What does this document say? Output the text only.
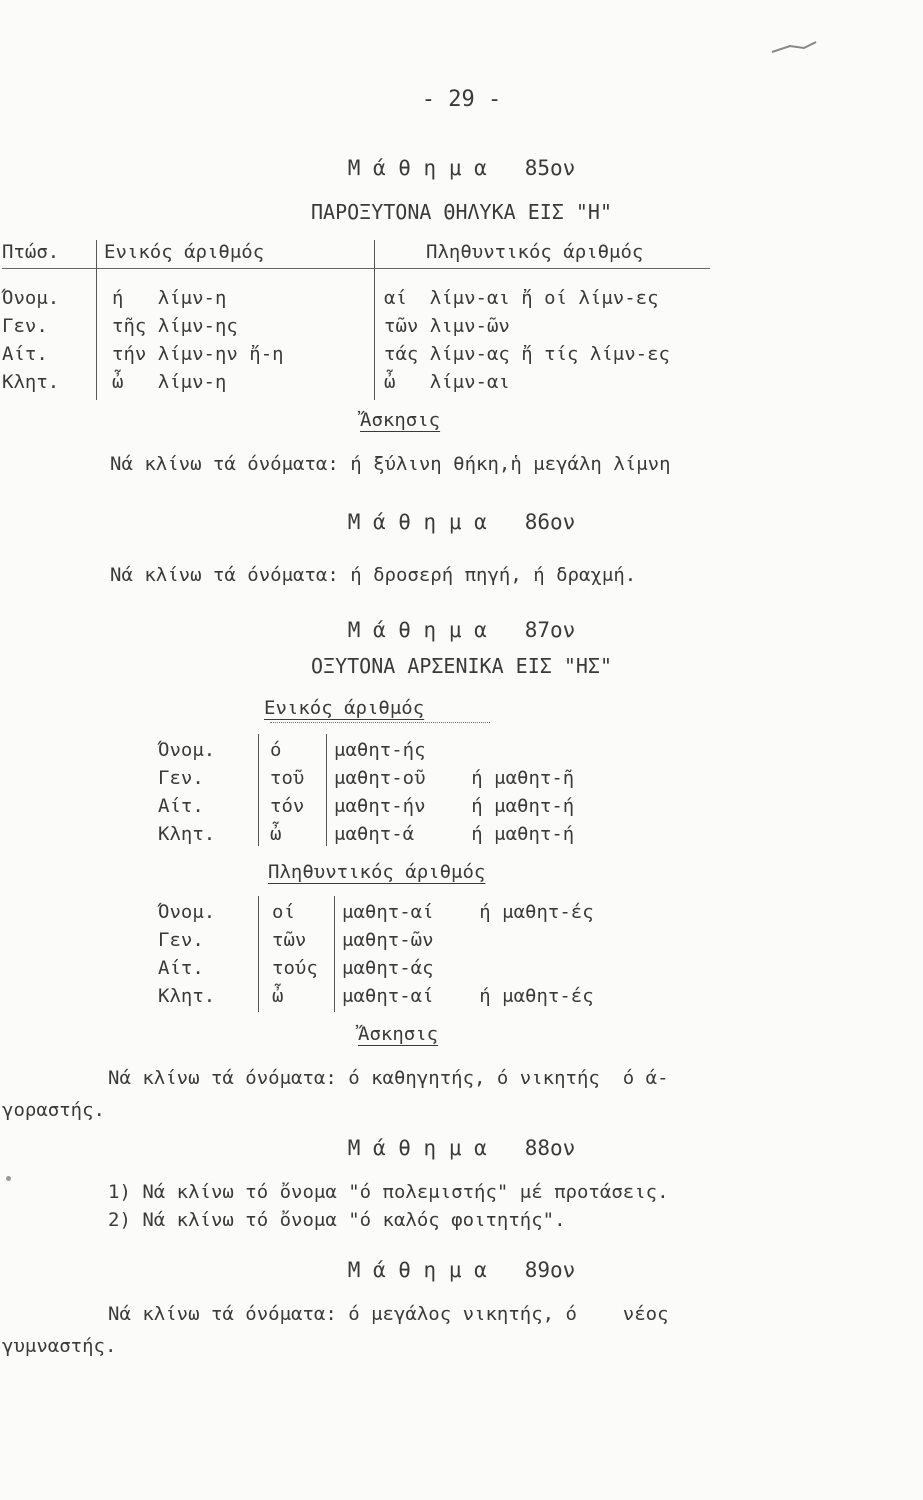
- 29 -
Μ ά θ η μ α   85ον
ΠΑΡΟΞΥΤΟΝΑ ΘΗΛΥΚΑ ΕΙΣ "Η"
Πτώσ. Ενικός άριθμός	Πληθυντικός άριθμός
Όνομ.
Γεν.
Αίτ.
Κλητ.
ή   λίμν-η
τῆς λίμν-ης
τήν λίμν-ην ἤ-η
ὦ   λίμν-η
αί  λίμν-αι ἤ οί λίμν-ες
τῶν λιμν-ῶν
τάς λίμν-ας ἤ τίς λίμν-ες
ὦ   λίμν-αι
Ἄσκησις
Νά κλίνω τά όνόματα: ή ξύλινη θήκη,ἡ μεγάλη λίμνη
Μ ά θ η μ α   86ον
Νά κλίνω τά όνόματα: ή δροσερή πηγή, ή δραχμή.
Μ ά θ η μ α   87ον
ΟΞΥΤΟΝΑ ΑΡΣΕΝΙΚΑ ΕΙΣ "ΗΣ"
Ενικός άριθμός
Όνομ.
Γεν.
Αίτ.
Κλητ.
ό
τοῦ
τόν
ὦ
μαθητ-ής
μαθητ-οῦ    ή μαθητ-ῆ
μαθητ-ήν    ή μαθητ-ή
μαθητ-ά     ή μαθητ-ή
Πληθυντικός άριθμός
Όνομ.
Γεν.
Αίτ.
Κλητ.
οί
τῶν
τούς
ὦ
μαθητ-αί    ή μαθητ-ές
μαθητ-ῶν
μαθητ-άς
μαθητ-αί    ή μαθητ-ές
Ἄσκησις
Νά κλίνω τά όνόματα: ό καθηγητής, ό νικητής  ό ά-
γοραστής.
Μ ά θ η μ α   88ον
1) Νά κλίνω τό ὄνομα "ό πολεμιστής" μέ προτάσεις.
2) Νά κλίνω τό ὄνομα "ό καλός φοιτητής".
Μ ά θ η μ α   89ον
Νά κλίνω τά όνόματα: ό μεγάλος νικητής, ό    νέος
γυμναστής.
